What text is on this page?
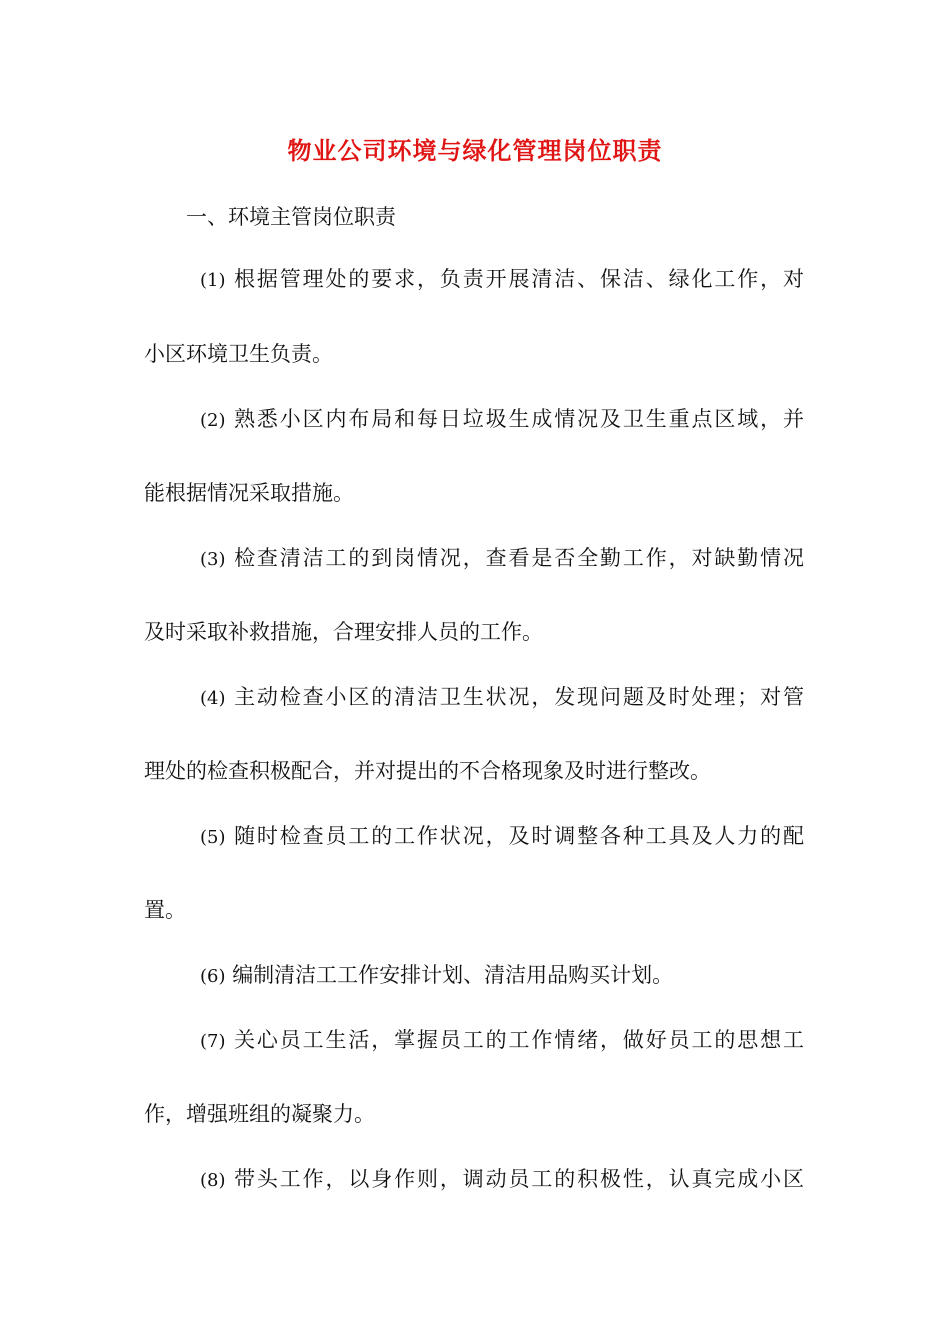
物业公司环境与绿化管理岗位职责
一、环境主管岗位职责
(1) 根据管理处的要求，负责开展清洁、保洁、绿化工作，对
小区环境卫生负责。
(2) 熟悉小区内布局和每日垃圾生成情况及卫生重点区域，并
能根据情况采取措施。
(3) 检查清洁工的到岗情况，查看是否全勤工作，对缺勤情况
及时采取补救措施，合理安排人员的工作。
(4) 主动检查小区的清洁卫生状况，发现问题及时处理；对管
理处的检查积极配合，并对提出的不合格现象及时进行整改。
(5) 随时检查员工的工作状况，及时调整各种工具及人力的配
置。
(6) 编制清洁工工作安排计划、清洁用品购买计划。
(7) 关心员工生活，掌握员工的工作情绪，做好员工的思想工
作，增强班组的凝聚力。
(8) 带头工作，以身作则，调动员工的积极性，认真完成小区
